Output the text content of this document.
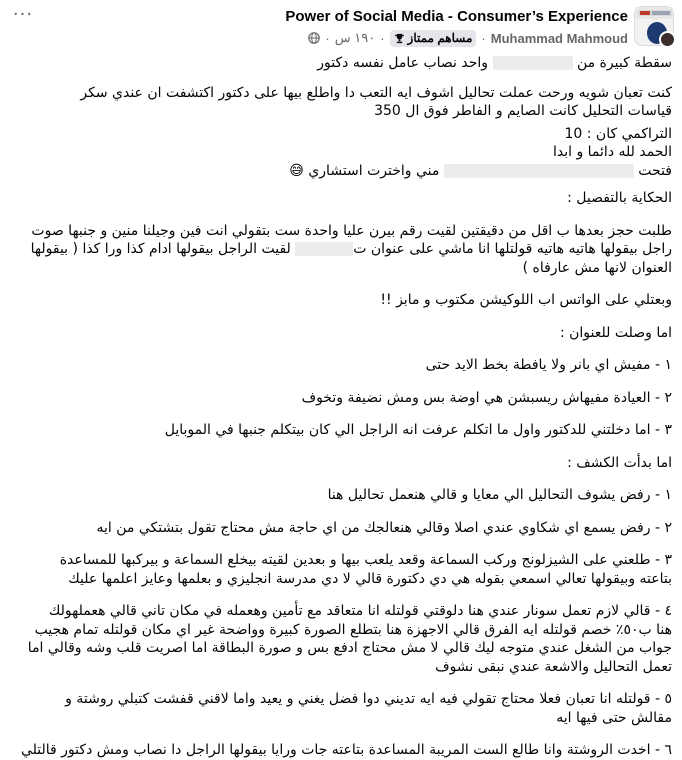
···	Power of Social Media - Consumer’s Experience
Muhammad Mahmoud
·
مساهم ممتاز
·
١٩٠ س
·

سقطة كبيرة من  واحد نصاب عامل نفسه دكتور

كنت تعبان شويه ورحت عملت تحاليل اشوف ايه التعب دا واطلع بيها على دكتور اكتشفت ان عندي سكر

قياسات التحليل كانت الصايم و الفاطر فوق ال 350

التراكمي كان : 10

الحمد لله دائما و ابدا

فتحت  مني واخترت استشاري 😅

الحكاية بالتفصيل :

طلبت حجز بعدها ب اقل من دقيقتين لقيت رقم بيرن عليا واحدة ست بتقولي انت فين وجيلنا منين و جنبها صوت

راجل بيقولها هاتيه هاتيه قولتلها انا ماشي على عنوان ت لقيت الراجل بيقولها ادام كذا ورا كذا ( بيقولها

العنوان لانها مش عارفاه )

وبعتلي على الواتس اب اللوكيشن مكتوب و مابز !!

اما وصلت للعنوان :

١ - مفيش اي بانر ولا يافطة بخط الايد حتى

٢ - العيادة مفيهاش ريسبشن هي اوضة بس ومش نضيفة وتخوف

٣ - اما دخلتني للدكتور واول ما اتكلم عرفت انه الراجل الي كان بيتكلم جنبها في الموبايل

اما بدأت الكشف :

١ - رفض يشوف التحاليل الي معايا و قالي هنعمل تحاليل هنا

٢ - رفض يسمع اي شكاوي عندي اصلا وقالي هنعالجك من اي حاجة مش محتاج تقول بتشتكي من ايه

٣ - طلعني على الشيزلونج وركب السماعة وقعد يلعب بيها و بعدين لقيته بيخلع السماعة و بيركبها للمساعدة

بتاعته وبيقولها تعالي اسمعي بقوله هي دي دكتورة قالي لا دي مدرسة انجليزي و بعلمها وعايز اعلمها عليك

٤ - قالي لازم تعمل سونار عندي هنا دلوقتي قولتله انا متعاقد مع تأمين وهعمله في مكان تاني قالي هعملهولك

هنا ب٥٠٪ خصم قولتله ايه الفرق قالي الاجهزة هنا بتطلع الصورة كبيرة وواضحة غير اي مكان قولتله تمام هجيب

جواب من الشغل عندي متوجه ليك قالي لا مش محتاج ادفع بس و صورة البطاقة اما اصريت قلب وشه وقالي اما

تعمل التحاليل والاشعة عندي نبقى نشوف

٥ - قولتله انا تعبان فعلا محتاج تقولي فيه ايه تديني دوا فضل يغني و يعيد واما لاقني قفشت كتبلي روشتة و

مقالش حتى فيها ايه

٦ - اخدت الروشتة وانا طالع الست المريبة المساعدة بتاعته جات ورايا بيقولها الراجل دا نصاب ومش دكتور قالتلي
